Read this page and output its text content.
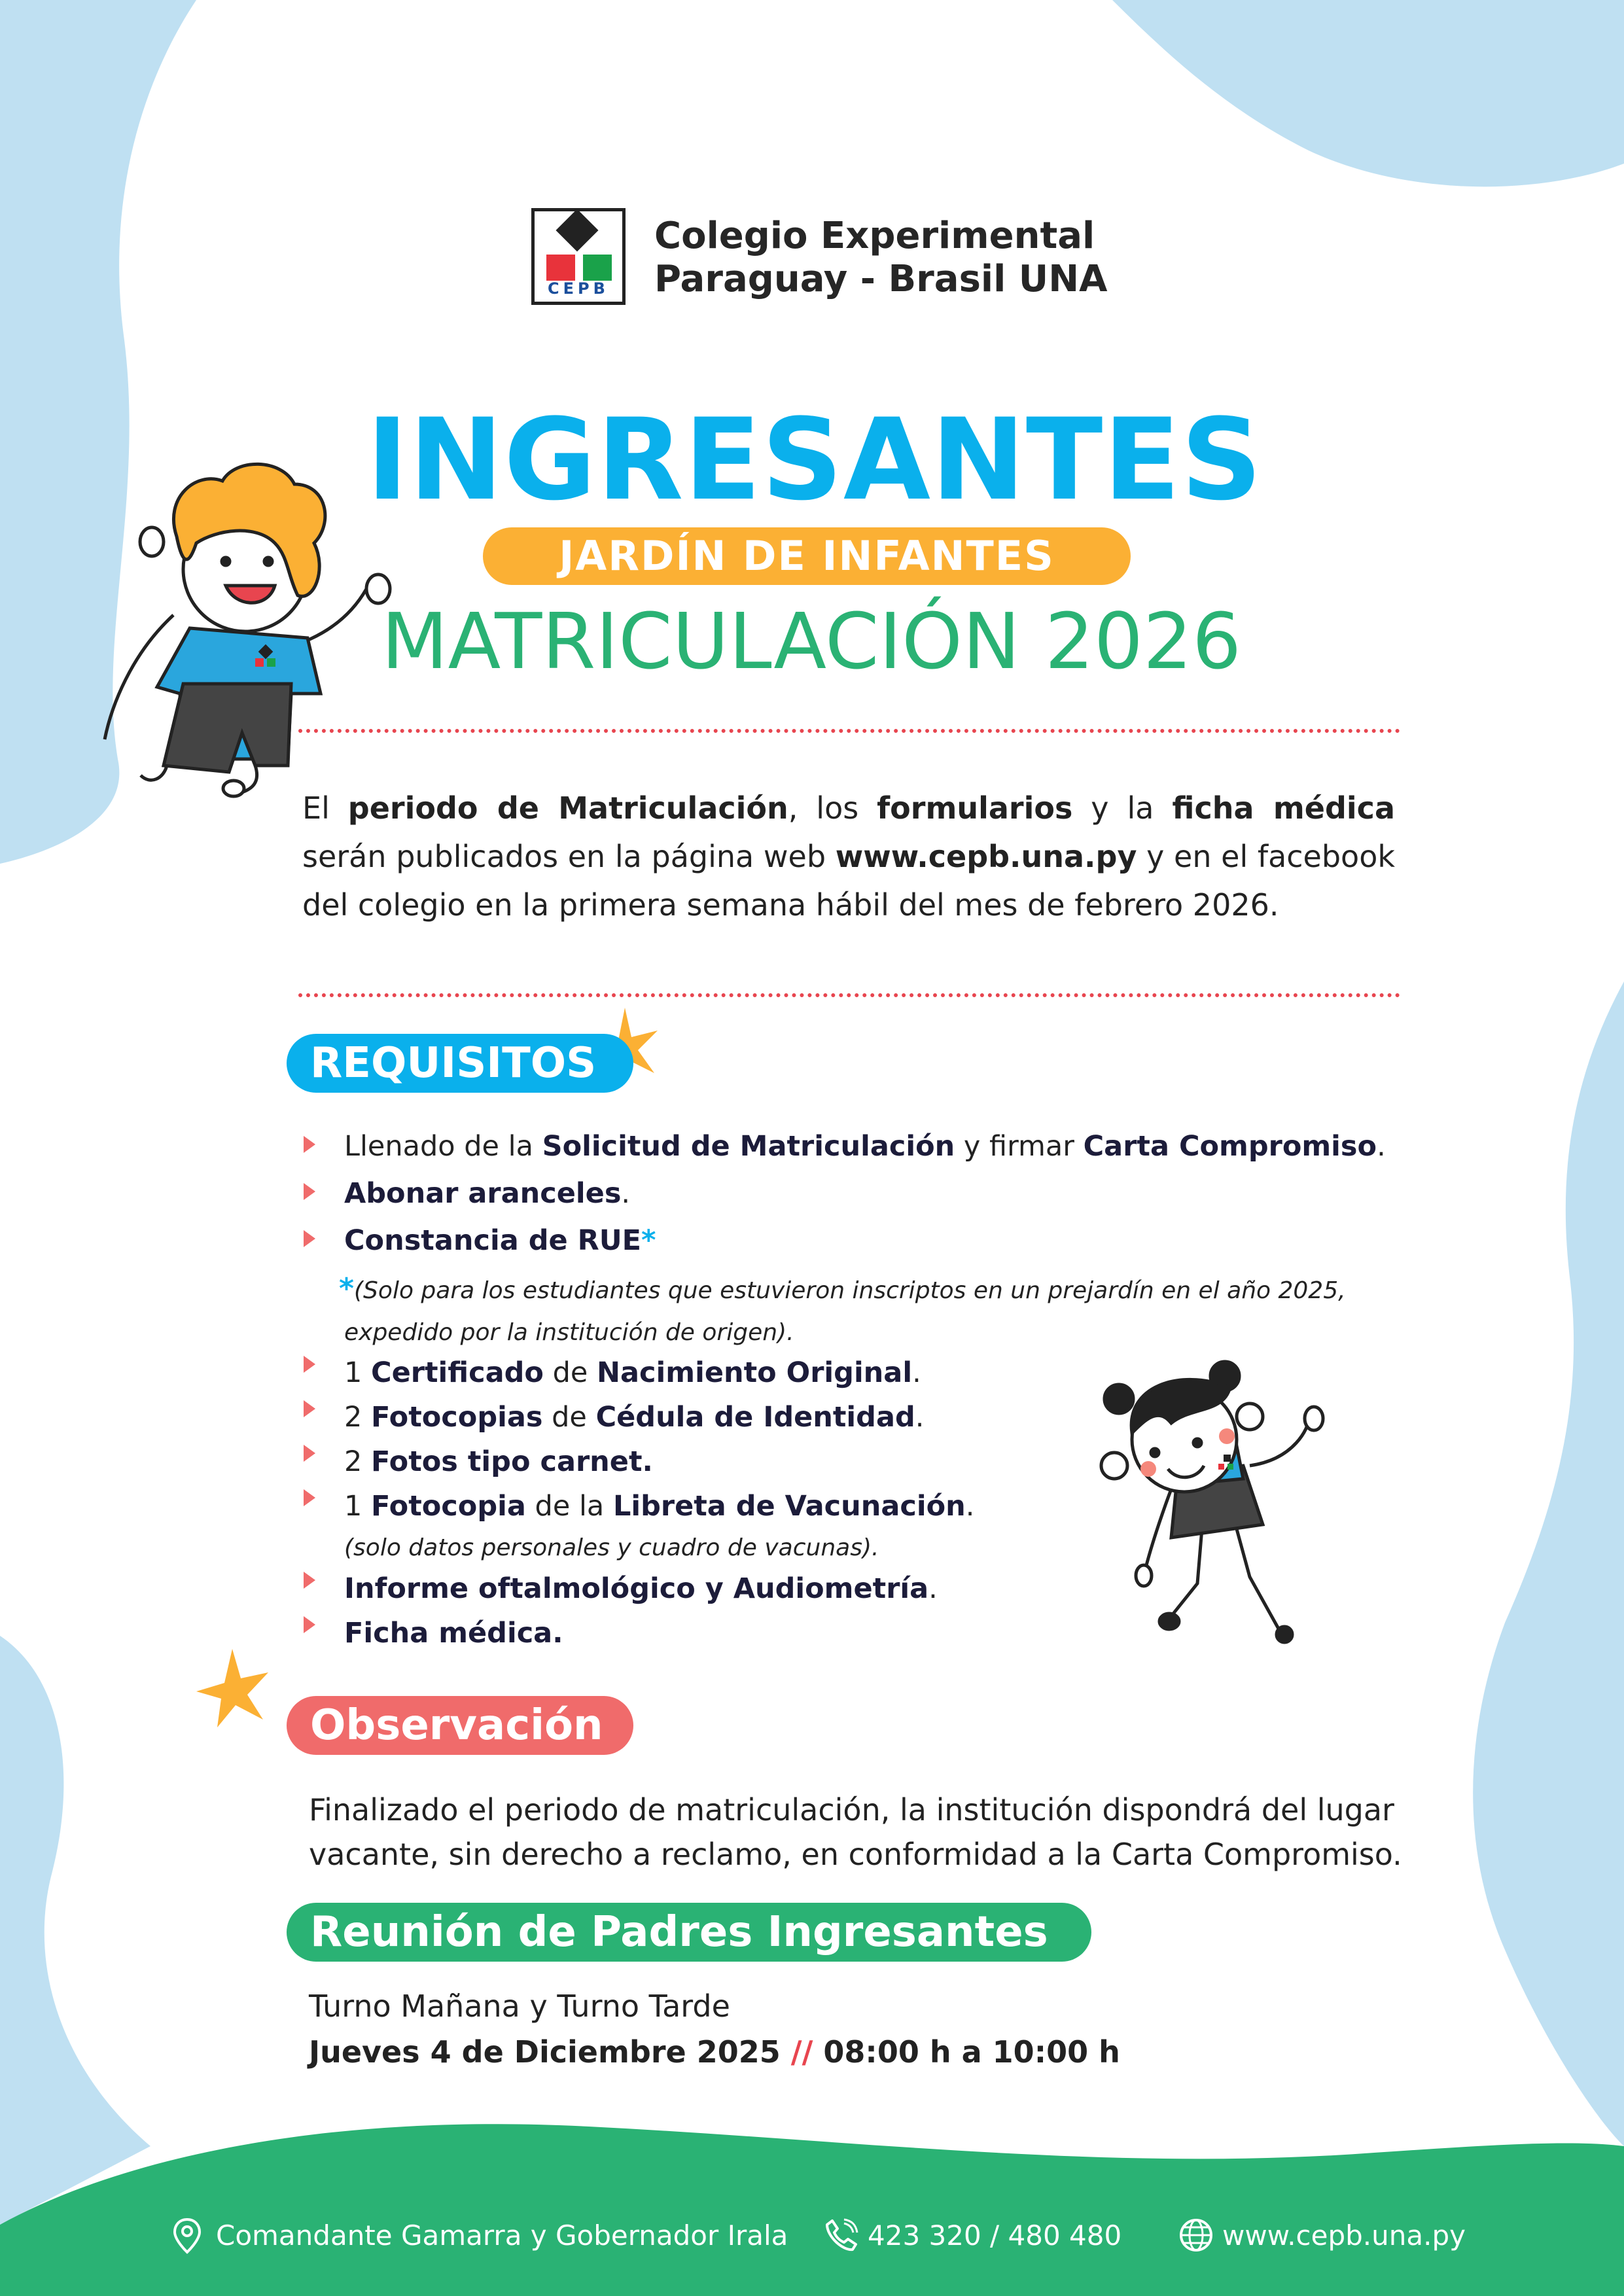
CEPB
Colegio Experimental
Paraguay - Brasil UNA
INGRESANTES
JARDÍN DE INFANTES
MATRICULACIÓN 2026
El periodo de Matriculación, los formularios y la ficha médica serán publicados en la página web www.cepb.una.py y en el facebook del colegio en la primera semana hábil del mes de febrero 2026.
REQUISITOS
Llenado de la Solicitud de Matriculación y firmar Carta Compromiso.
Abonar aranceles.
Constancia de RUE*
*(Solo para los estudiantes que estuvieron inscriptos en un prejardín en el año 2025,
expedido por la institución de origen).
1 Certificado de Nacimiento Original.
2 Fotocopias de Cédula de Identidad.
2 Fotos tipo carnet.
1 Fotocopia de la Libreta de Vacunación.
(solo datos personales y cuadro de vacunas).
Informe oftalmológico y Audiometría.
Ficha médica.
Observación
Finalizado el periodo de matriculación, la institución dispondrá del lugar
vacante, sin derecho a reclamo, en conformidad a la Carta Compromiso.
Reunión de Padres Ingresantes
Turno Mañana y Turno Tarde
Jueves 4 de Diciembre 2025 // 08:00 h a 10:00 h
Comandante Gamarra y Gobernador Irala	423 320 / 480 480	www.cepb.una.py
